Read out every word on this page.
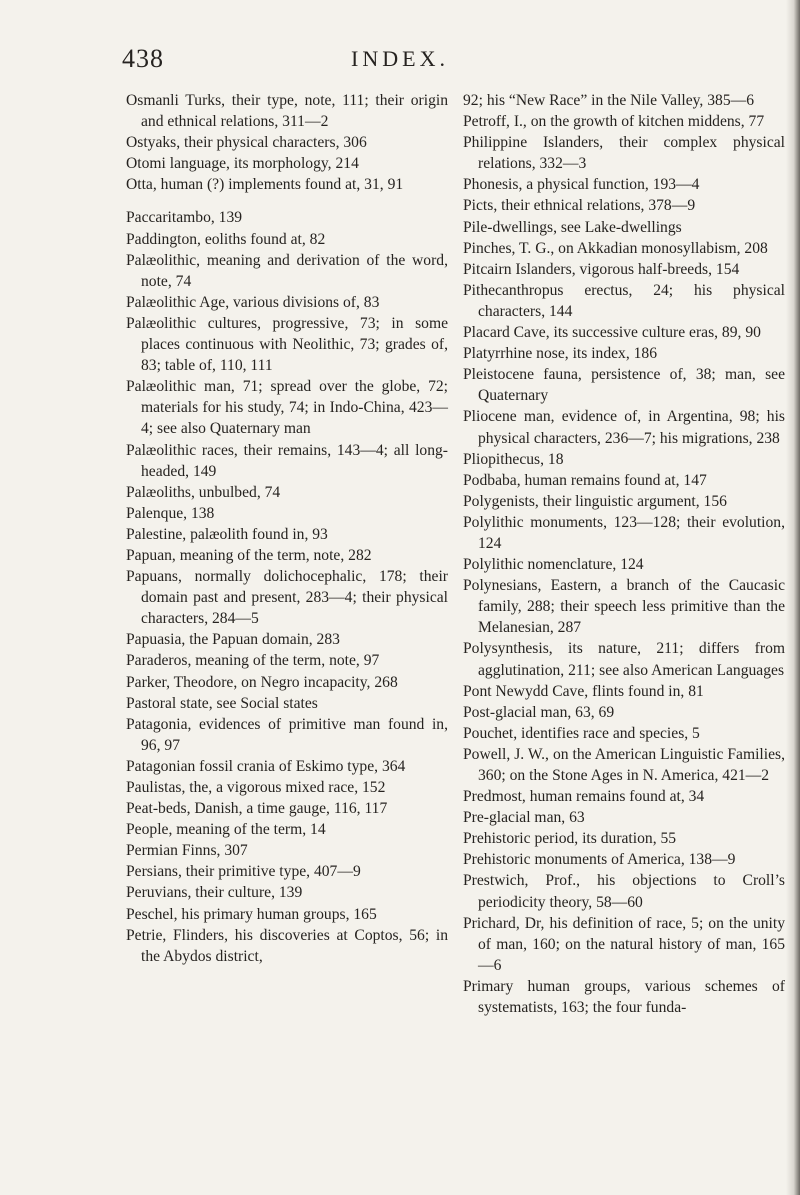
438	INDEX.

Osmanli Turks, their type, note, 111; their origin and ethnical relations, 311—2

Ostyaks, their physical characters, 306

Otomi language, its morphology, 214

Otta, human (?) implements found at, 31, 91

Paccaritambo, 139

Paddington, eoliths found at, 82

Palæolithic, meaning and derivation of the word, note, 74

Palæolithic Age, various divisions of, 83

Palæolithic cultures, progressive, 73; in some places continuous with Neolithic, 73; grades of, 83; table of, 110, 111

Palæolithic man, 71; spread over the globe, 72; materials for his study, 74; in Indo-China, 423—4; see also Quaternary man

Palæolithic races, their remains, 143—4; all long-headed, 149

Palæoliths, unbulbed, 74

Palenque, 138

Palestine, palæolith found in, 93

Papuan, meaning of the term, note, 282

Papuans, normally dolichocephalic, 178; their domain past and present, 283—4; their physical characters, 284—5

Papuasia, the Papuan domain, 283

Paraderos, meaning of the term, note, 97

Parker, Theodore, on Negro incapacity, 268

Pastoral state, see Social states

Patagonia, evidences of primitive man found in, 96, 97

Patagonian fossil crania of Eskimo type, 364

Paulistas, the, a vigorous mixed race, 152

Peat-beds, Danish, a time gauge, 116, 117

People, meaning of the term, 14

Permian Finns, 307

Persians, their primitive type, 407—9

Peruvians, their culture, 139

Peschel, his primary human groups, 165

Petrie, Flinders, his discoveries at Coptos, 56; in the Abydos district,

92; his “New Race” in the Nile Valley, 385—6

Petroff, I., on the growth of kitchen middens, 77

Philippine Islanders, their complex physical relations, 332—3

Phonesis, a physical function, 193—4

Picts, their ethnical relations, 378—9

Pile-dwellings, see Lake-dwellings

Pinches, T. G., on Akkadian monosyllabism, 208

Pitcairn Islanders, vigorous half-breeds, 154

Pithecanthropus erectus, 24; his physical characters, 144

Placard Cave, its successive culture eras, 89, 90

Platyrrhine nose, its index, 186

Pleistocene fauna, persistence of, 38; man, see Quaternary

Pliocene man, evidence of, in Argentina, 98; his physical characters, 236—7; his migrations, 238

Pliopithecus, 18

Podbaba, human remains found at, 147

Polygenists, their linguistic argument, 156

Polylithic monuments, 123—128; their evolution, 124

Polylithic nomenclature, 124

Polynesians, Eastern, a branch of the Caucasic family, 288; their speech less primitive than the Melanesian, 287

Polysynthesis, its nature, 211; differs from agglutination, 211; see also American Languages

Pont Newydd Cave, flints found in, 81

Post-glacial man, 63, 69

Pouchet, identifies race and species, 5

Powell, J. W., on the American Linguistic Families, 360; on the Stone Ages in N. America, 421—2

Predmost, human remains found at, 34

Pre-glacial man, 63

Prehistoric period, its duration, 55

Prehistoric monuments of America, 138—9

Prestwich, Prof., his objections to Croll’s periodicity theory, 58—60

Prichard, Dr, his definition of race, 5; on the unity of man, 160; on the natural history of man, 165—6

Primary human groups, various schemes of systematists, 163; the four funda-
